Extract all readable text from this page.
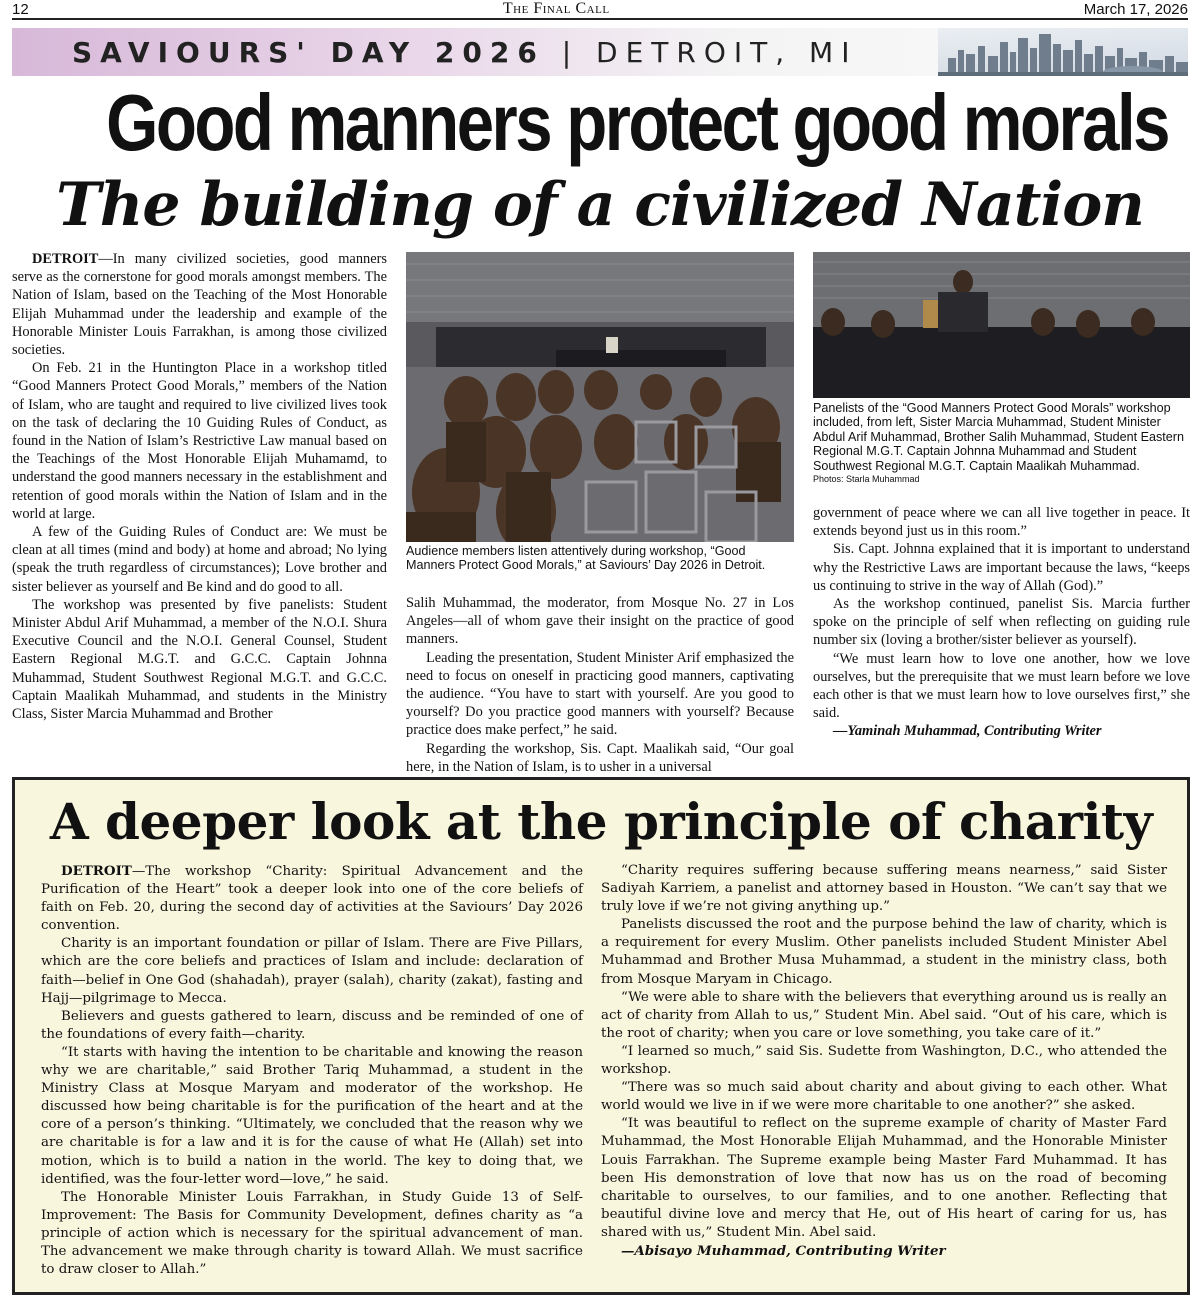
12	The Final Call	March 17, 2026
SAVIOURS' DAY 2026 | DETROIT, MI
Good manners protect good morals
The building of a civilized Nation

DETROIT—In many civilized societies, good manners serve as the cornerstone for good morals amongst members. The Nation of Islam, based on the Teaching of the Most Honorable Elijah Muhammad under the leadership and example of the Honorable Minister Louis Farrakhan, is among those civilized societies.

On Feb. 21 in the Huntington Place in a workshop titled “Good Manners Protect Good Morals,” members of the Nation of Islam, who are taught and required to live civilized lives took on the task of declaring the 10 Guiding Rules of Conduct, as found in the Nation of Islam’s Restrictive Law manual based on the Teachings of the Most Honorable Elijah Muhamamd, to understand the good manners necessary in the establishment and retention of good morals within the Nation of Islam and in the world at large.

A few of the Guiding Rules of Conduct are: We must be clean at all times (mind and body) at home and abroad; No lying (speak the truth regardless of circumstances); Love brother and sister believer as yourself and Be kind and do good to all.

The workshop was presented by five panelists: Student Minister Abdul Arif Muhammad, a member of the N.O.I. Shura Executive Council and the N.O.I. General Counsel, Student Eastern Regional M.G.T. and G.C.C. Captain Johnna Muhammad, Student Southwest Regional M.G.T. and G.C.C. Captain Maalikah Muhammad, and students in the Ministry Class, Sister Marcia Muhammad and Brother

Audience members listen attentively during workshop, “Good Manners Protect Good Morals,” at Saviours’ Day 2026 in Detroit.
Panelists of the “Good Manners Protect Good Morals” workshop included, from left, Sister Marcia Muhammad, Student Minister Abdul Arif Muhammad, Brother Salih Muhammad, Student Eastern Regional M.G.T. Captain Johnna Muhammad and Student Southwest Regional M.G.T. Captain Maalikah Muhammad.
Photos: Starla Muhammad

Salih Muhammad, the moderator, from Mosque No. 27 in Los Angeles—all of whom gave their insight on the practice of good manners.

Leading the presentation, Student Minister Arif emphasized the need to focus on oneself in practicing good manners, captivating the audience. “You have to start with yourself. Are you good to yourself? Do you practice good manners with yourself? Because practice does make perfect,” he said.

Regarding the workshop, Sis. Capt. Maalikah said, “Our goal here, in the Nation of Islam, is to usher in a universal

government of peace where we can all live together in peace. It extends beyond just us in this room.”

Sis. Capt. Johnna explained that it is important to understand why the Restrictive Laws are important because the laws, “keeps us continuing to strive in the way of Allah (God).”

As the workshop continued, panelist Sis. Marcia further spoke on the principle of self when reflecting on guiding rule number six (loving a brother/sister believer as yourself).

“We must learn how to love one another, how we love ourselves, but the prerequisite that we must learn before we love each other is that we must learn how to love ourselves first,” she said.

—Yaminah Muhammad, Contributing Writer

A deeper look at the principle of charity

DETROIT—The workshop “Charity: Spiritual Advancement and the Purification of the Heart” took a deeper look into one of the core beliefs of faith on Feb. 20, during the second day of activities at the Saviours’ Day 2026 convention.

Charity is an important foundation or pillar of Islam. There are Five Pillars, which are the core beliefs and practices of Islam and include: declaration of faith—belief in One God (shahadah), prayer (salah), charity (zakat), fasting and Hajj—pilgrimage to Mecca.

Believers and guests gathered to learn, discuss and be reminded of one of the foundations of every faith—charity.

“It starts with having the intention to be charitable and knowing the reason why we are charitable,” said Brother Tariq Muhammad, a student in the Ministry Class at Mosque Maryam and moderator of the workshop. He discussed how being charitable is for the purification of the heart and at the core of a person’s thinking. “Ultimately, we concluded that the reason why we are charitable is for a law and it is for the cause of what He (Allah) set into motion, which is to build a nation in the world. The key to doing that, we identified, was the four-letter word—love,” he said.

The Honorable Minister Louis Farrakhan, in Study Guide 13 of Self-Improvement: The Basis for Community Development, defines charity as “a principle of action which is necessary for the spiritual advancement of man. The advancement we make through charity is toward Allah. We must sacrifice to draw closer to Allah.”

“Charity requires suffering because suffering means nearness,” said Sister Sadiyah Karriem, a panelist and attorney based in Houston. “We can’t say that we truly love if we’re not giving anything up.”

Panelists discussed the root and the purpose behind the law of charity, which is a requirement for every Muslim. Other panelists included Student Minister Abel Muhammad and Brother Musa Muhammad, a student in the ministry class, both from Mosque Maryam in Chicago.

“We were able to share with the believers that everything around us is really an act of charity from Allah to us,” Student Min. Abel said. “Out of his care, which is the root of charity; when you care or love something, you take care of it.”

“I learned so much,” said Sis. Sudette from Washington, D.C., who attended the workshop.

“There was so much said about charity and about giving to each other. What world would we live in if we were more charitable to one another?” she asked.

“It was beautiful to reflect on the supreme example of charity of Master Fard Muhammad, the Most Honorable Elijah Muhammad, and the Honorable Minister Louis Farrakhan. The Supreme example being Master Fard Muhammad. It has been His demonstration of love that now has us on the road of becoming charitable to ourselves, to our families, and to one another. Reflecting that beautiful divine love and mercy that He, out of His heart of caring for us, has shared with us,” Student Min. Abel said.

—Abisayo Muhammad, Contributing Writer
